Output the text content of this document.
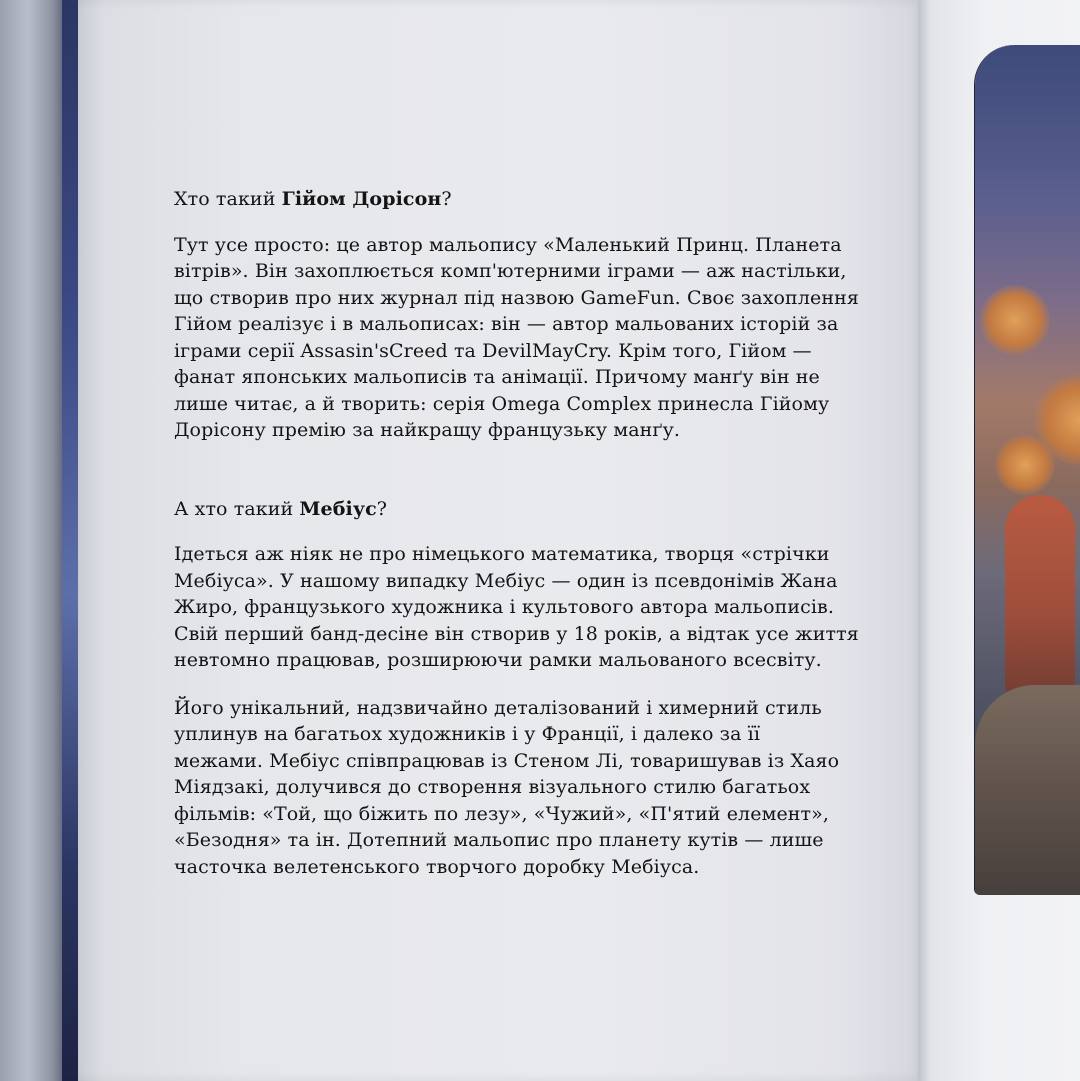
Хто такий Гійом Дорісон?

Тут усе просто: це автор мальопису «Маленький Принц. Планета
вітрів». Він захоплюється комп'ютерними іграми — аж настільки,
що створив про них журнал під назвою GameFun. Своє захоплення
Гійом реалізує і в мальописах: він — автор мальованих історій за
іграми серії Assasin'sCreed та DevilMayCry. Крім того, Гійом —
фанат японських мальописів та анімації. Причому манґу він не
лише читає, а й творить: серія Omega Complex принесла Гійому
Дорісону премію за найкращу французьку манґу.

А хто такий Мебіус?

Ідеться аж ніяк не про німецького математика, творця «стрічки
Мебіуса». У нашому випадку Мебіус — один із псевдонімів Жана
Жиро, французького художника і культового автора мальописів.
Свій перший банд-десіне він створив у 18 років, а відтак усе життя
невтомно працював, розширюючи рамки мальованого всесвіту.

Його унікальний, надзвичайно деталізований і химерний стиль
уплинув на багатьох художників і у Франції, і далеко за її
межами. Мебіус співпрацював із Стеном Лі, товаришував із Хаяо
Міядзакі, долучився до створення візуального стилю багатьох
фільмів: «Той, що біжить по лезу», «Чужий», «П'ятий елемент»,
«Безодня» та ін. Дотепний мальопис про планету кутів — лише
часточка велетенського творчого доробку Мебіуса.
